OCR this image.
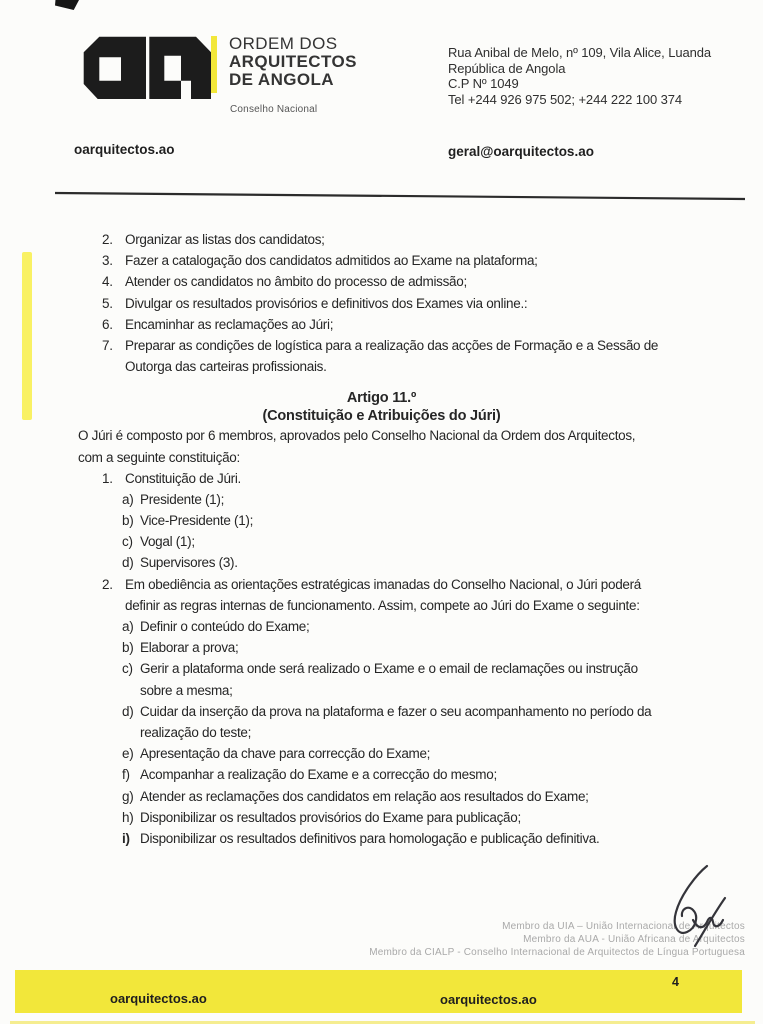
ORDEM DOS
ARQUITECTOS
DE ANGOLA
Conselho Nacional
Rua Anibal de Melo, nº 109, Vila Alice, Luanda
República de Angola
C.P Nº 1049
Tel +244 926 975 502; +244 222 100 374
oarquitectos.ao	geral@oarquitectos.ao
2. Organizar as listas dos candidatos;
3. Fazer a catalogação dos candidatos admitidos ao Exame na plataforma;
4. Atender os candidatos no âmbito do processo de admissão;
5. Divulgar os resultados provisórios e definitivos dos Exames via online.:
6. Encaminhar as reclamações ao Júri;
7. Preparar as condições de logística para a realização das acções de Formação e a Sessão de
Outorga das carteiras profissionais.
Artigo 11.º
(Constituição e Atribuições do Júri)
O Júri é composto por 6 membros, aprovados pelo Conselho Nacional da Ordem dos Arquitectos,
com a seguinte constituição:
1. Constituição de Júri.
a) Presidente (1);
b) Vice-Presidente (1);
c) Vogal (1);
d) Supervisores (3).
2. Em obediência as orientações estratégicas imanadas do Conselho Nacional, o Júri poderá
definir as regras internas de funcionamento. Assim, compete ao Júri do Exame o seguinte:
a) Definir o conteúdo do Exame;
b) Elaborar a prova;
c) Gerir a plataforma onde será realizado o Exame e o email de reclamações ou instrução
sobre a mesma;
d) Cuidar da inserção da prova na plataforma e fazer o seu acompanhamento no período da
realização do teste;
e) Apresentação da chave para correcção do Exame;
f) Acompanhar a realização do Exame e a correcção do mesmo;
g) Atender as reclamações dos candidatos em relação aos resultados do Exame;
h) Disponibilizar os resultados provisórios do Exame para publicação;
i) Disponibilizar os resultados definitivos para homologação e publicação definitiva.
Membro da UIA – União Internacional de Arquitectos
Membro da AUA - União Africana de Arquitectos
Membro da CIALP - Conselho Internacional de Arquitectos de Língua Portuguesa
4
oarquitectos.ao	oarquitectos.ao
